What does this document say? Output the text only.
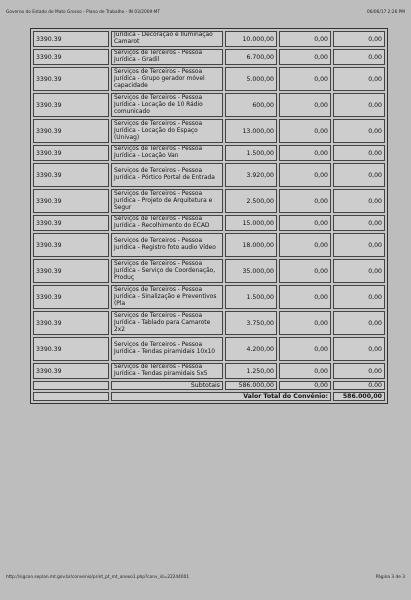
Governo do Estado de Mato Grosso - Plano de Trabalho - IN 03/2009-MT	06/06/17 2:26 PM
3390.39	Jurídica - Decoração e Iluminação Camarot	10.000,00	0,00	0,00
3390.39	Serviços de Terceiros - Pessoa Jurídica - Gradil	6.700,00	0,00	0,00
3390.39	Serviços de Terceiros - Pessoa Jurídica - Grupo gerador móvel capacidade	5.000,00	0,00	0,00
3390.39	Serviços de Terceiros - Pessoa Jurídica - Locação de 10 Rádio comunicado	600,00	0,00	0,00
3390.39	Serviços de Terceiros - Pessoa Jurídica - Locação do Espaço (Univag)	13.000,00	0,00	0,00
3390.39	Serviços de Terceiros - Pessoa Jurídica - Locação Van	1.500,00	0,00	0,00
3390.39	Serviços de Terceiros - Pessoa Jurídica - Pórtico Portal de Entrada	3.920,00	0,00	0,00
3390.39	Serviços de Terceiros - Pessoa Jurídica - Projeto de Arquitetura e Segur	2.500,00	0,00	0,00
3390.39	Serviços de Terceiros - Pessoa Jurídica - Recolhimento do ECAD	15.000,00	0,00	0,00
3390.39	Serviços de Terceiros - Pessoa Jurídica - Registro foto audio Vídeo	18.000,00	0,00	0,00
3390.39	Serviços de Terceiros - Pessoa Jurídica - Serviço de Coordenação, Produç	35.000,00	0,00	0,00
3390.39	Serviços de Terceiros - Pessoa Jurídica - Sinalização e Preventivos (Pla	1.500,00	0,00	0,00
3390.39	Serviços de Terceiros - Pessoa Jurídica - Tablado para Camarote 2x2	3.750,00	0,00	0,00
3390.39	Serviços de Terceiros - Pessoa Jurídica - Tendas piramidais 10x10	4.200,00	0,00	0,00
3390.39	Serviços de Terceiros - Pessoa Jurídica - Tendas piramidais 5x5	1.250,00	0,00	0,00
	Subtotais	586.000,00	0,00	0,00
	Valor Total do Convênio:			586.000,00
http://sigcon.seplan.mt.gov.br/convenio/print_pt_mt_anexo1.php?conv_id=22244001	Página 3 de 3
